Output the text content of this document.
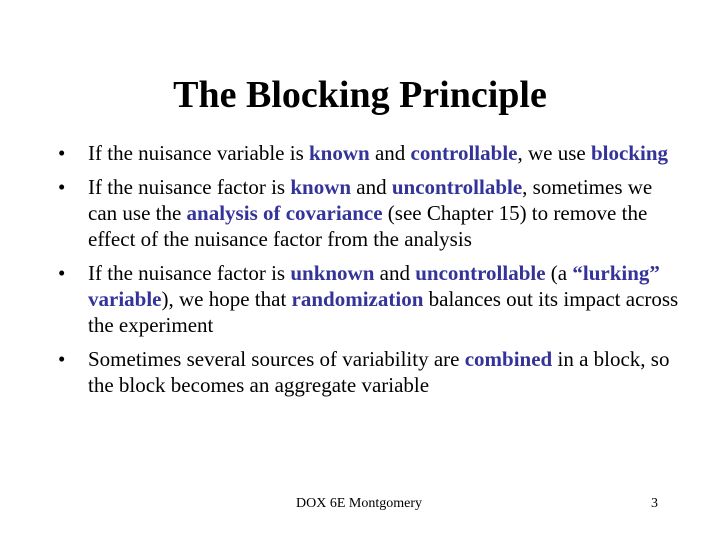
The Blocking Principle
• If the nuisance variable is known and controllable, we use blocking
• If the nuisance factor is known and uncontrollable, sometimes we can use the analysis of covariance (see Chapter 15) to remove the effect of the nuisance factor from the analysis
• If the nuisance factor is unknown and uncontrollable (a “lurking” variable), we hope that randomization balances out its impact across the experiment
• Sometimes several sources of variability are combined in a block, so the block becomes an aggregate variable
DOX 6E Montgomery	3
